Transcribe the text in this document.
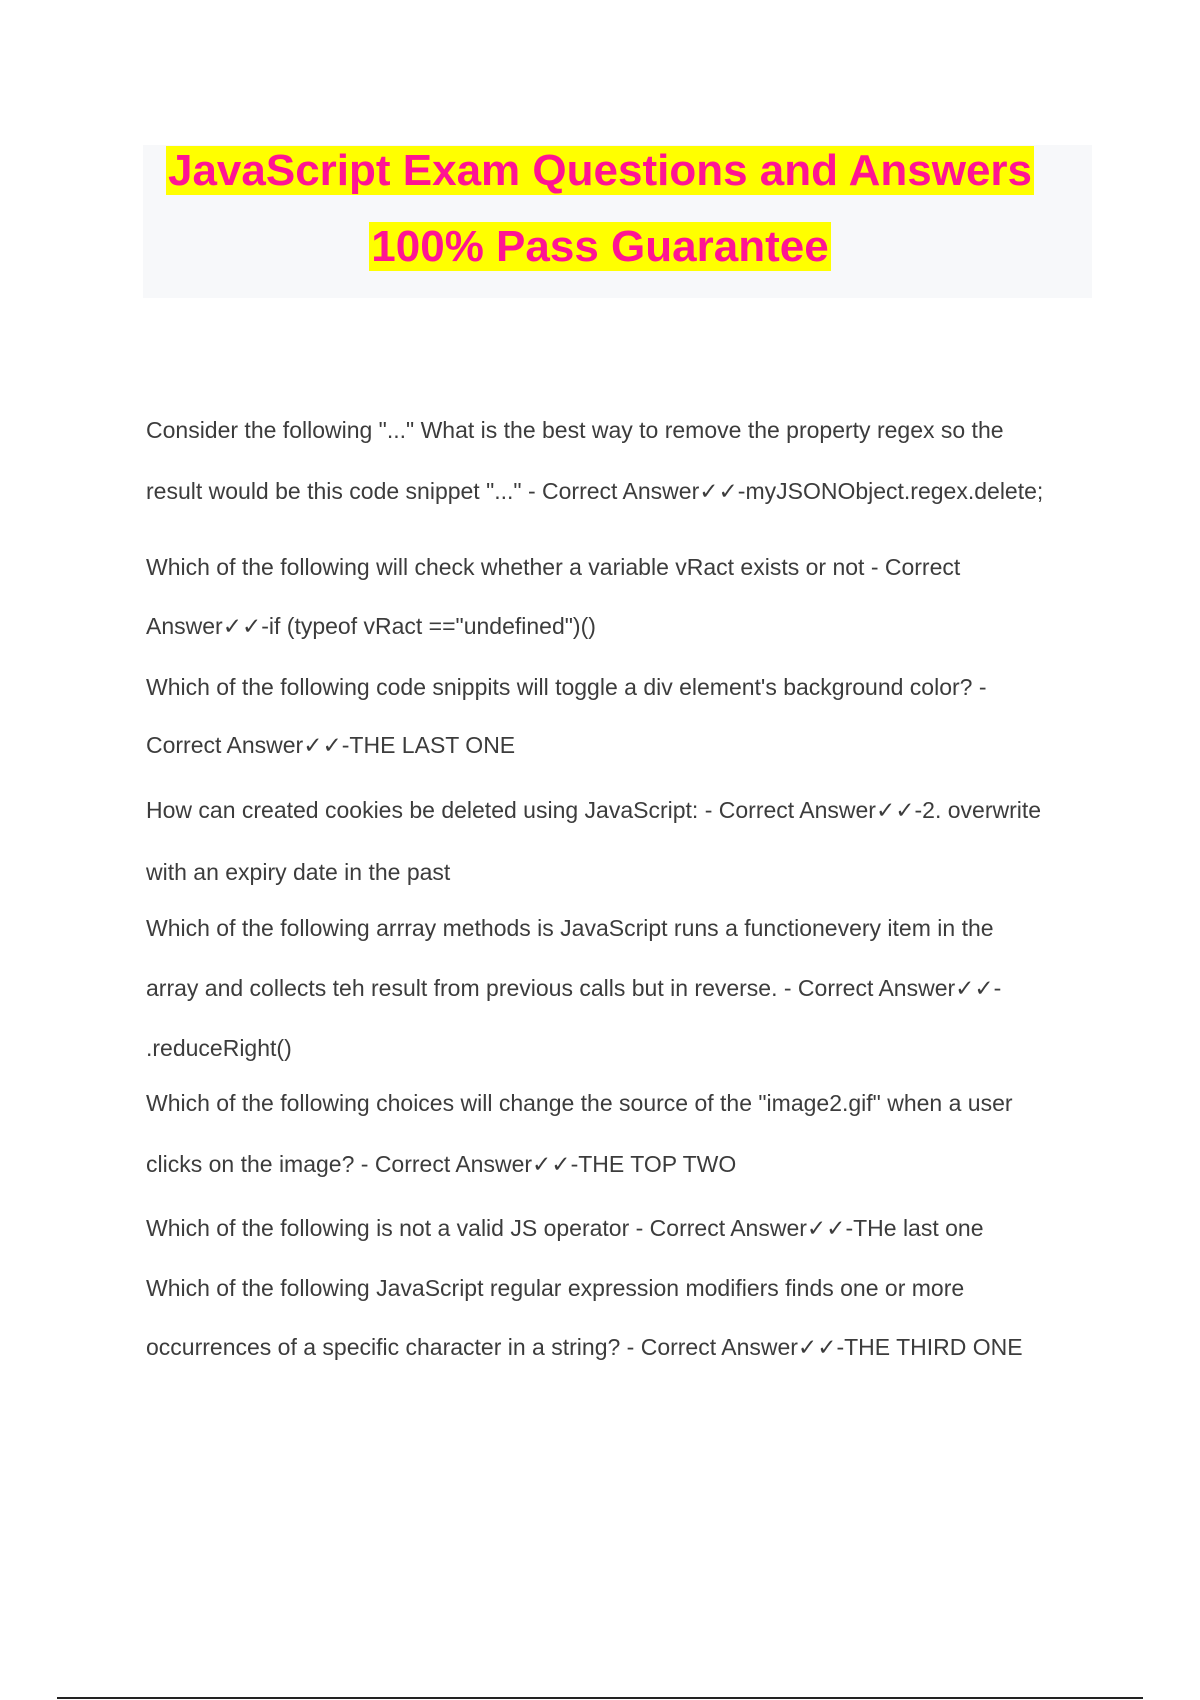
JavaScript Exam Questions and Answers
100% Pass Guarantee

Consider the following "..." What is the best way to remove the property regex so the

result would be this code snippet "..." - Correct Answer✓✓-myJSONObject.regex.delete;

Which of the following will check whether a variable vRact exists or not - Correct

Answer✓✓-if (typeof vRact =="undefined")()

Which of the following code snippits will toggle a div element's background color? -

Correct Answer✓✓-THE LAST ONE

How can created cookies be deleted using JavaScript: - Correct Answer✓✓-2. overwrite

with an expiry date in the past

Which of the following arrray methods is JavaScript runs a functionevery item in the

array and collects teh result from previous calls but in reverse. - Correct Answer✓✓-

.reduceRight()

Which of the following choices will change the source of the "image2.gif" when a user

clicks on the image? - Correct Answer✓✓-THE TOP TWO

Which of the following is not a valid JS operator - Correct Answer✓✓-THe last one

Which of the following JavaScript regular expression modifiers finds one or more

occurrences of a specific character in a string? - Correct Answer✓✓-THE THIRD ONE
